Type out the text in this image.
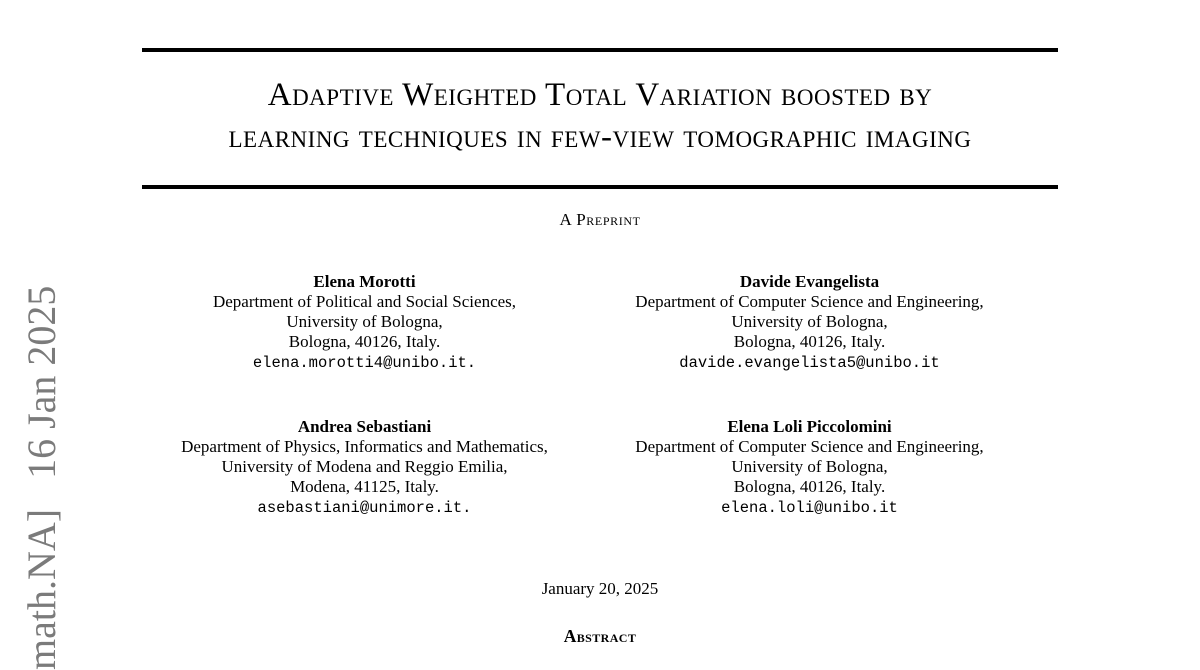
math.NA]   16 Jan 2025
Adaptive Weighted Total Variation boosted by
learning techniques in few-view tomographic imaging
A Preprint
Elena Morotti
Department of Political and Social Sciences,
University of Bologna,
Bologna, 40126, Italy.
elena.morotti4@unibo.it.
Davide Evangelista
Department of Computer Science and Engineering,
University of Bologna,
Bologna, 40126, Italy.
davide.evangelista5@unibo.it
Andrea Sebastiani
Department of Physics, Informatics and Mathematics,
University of Modena and Reggio Emilia,
Modena, 41125, Italy.
asebastiani@unimore.it.
Elena Loli Piccolomini
Department of Computer Science and Engineering,
University of Bologna,
Bologna, 40126, Italy.
elena.loli@unibo.it
January 20, 2025
Abstract
